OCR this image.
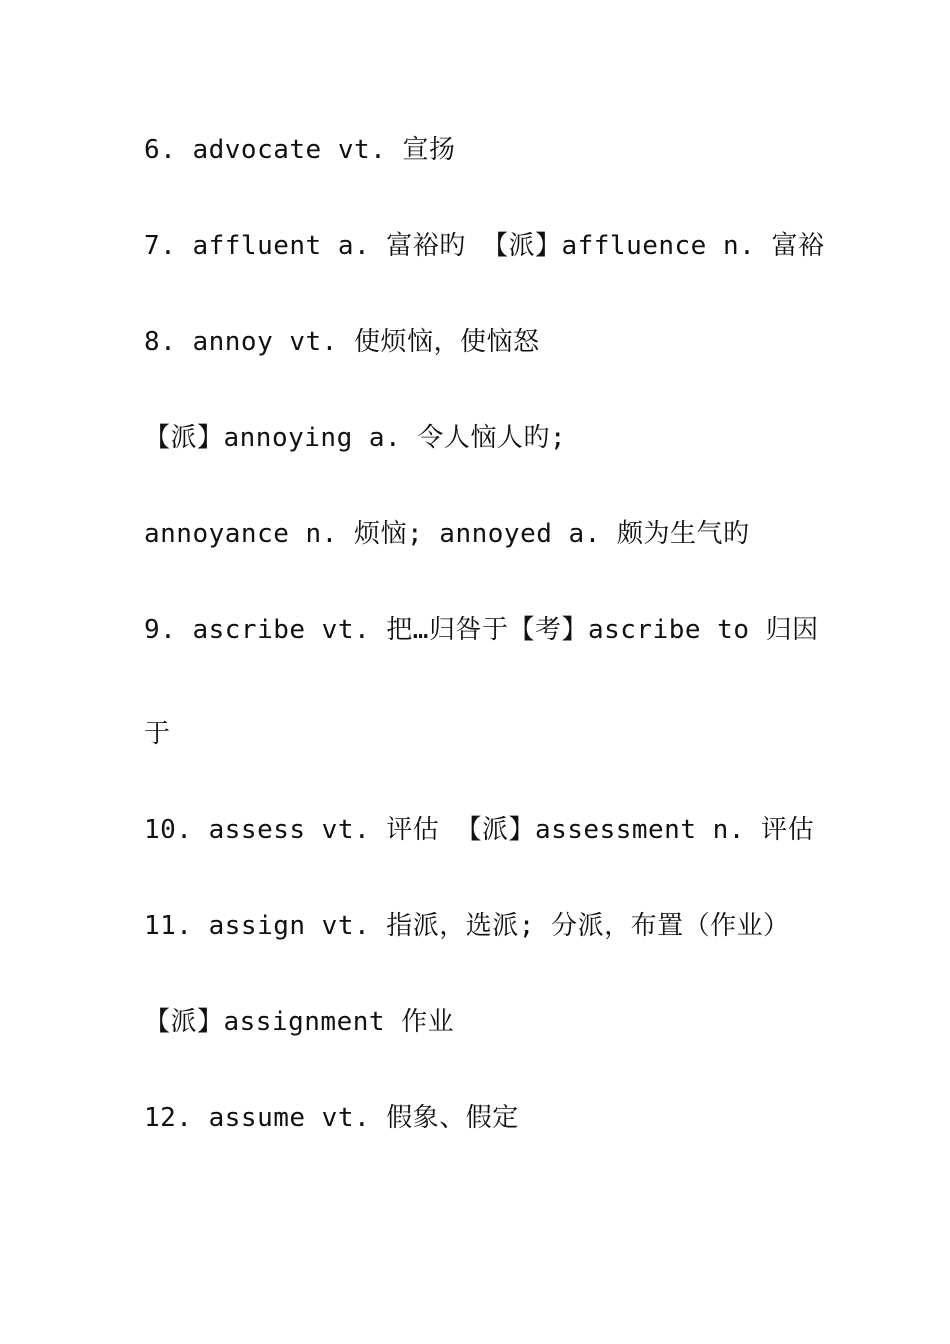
6. advocate vt. 宣扬
7. affluent a. 富裕旳 【派】affluence n. 富裕
8. annoy vt. 使烦恼，使恼怒
【派】annoying a. 令人恼人旳;
annoyance n. 烦恼; annoyed a. 颇为生气旳
9. ascribe vt. 把…归咎于【考】ascribe to 归因
于
10. assess vt. 评估 【派】assessment n. 评估
11. assign vt. 指派，选派; 分派，布置（作业）
【派】assignment 作业
12. assume vt. 假象、假定
